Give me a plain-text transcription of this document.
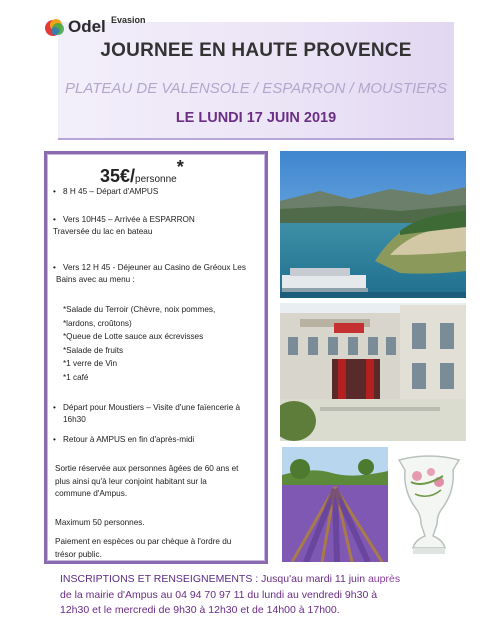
Odel Evasion
JOURNEE EN HAUTE PROVENCE
PLATEAU DE VALENSOLE / ESPARRON / MOUSTIERS
LE LUNDI 17 JUIN 2019
35€/personne*
• 8 H 45 – Départ d'AMPUS
• Vers 10H45 – Arrivée à ESPARRON
Traversée du lac en bateau
• Vers 12 H 45 - Déjeuner au Casino de Gréoux Les
Bains avec au menu :
*Salade du Terroir (Chèvre, noix pommes,
*lardons, croûtons)
*Queue de Lotte sauce aux écrevisses
*Salade de fruits
*1 verre de Vin
*1 café
• Départ pour Moustiers – Visite d'une faïencerie à
16h30
• Retour à AMPUS en fin d'après-midi
Sortie réservée aux personnes âgées de 60 ans et
plus ainsi qu'à leur conjoint habitant sur la
commune d'Ampus.
Maximum 50 personnes.
Paiement en espèces ou par chèque à l'ordre du
trésor public.
INSCRIPTIONS ET RENSEIGNEMENTS : Jusqu'au mardi 11 juin auprès
de la mairie d'Ampus au 04 94 70 97 11 du lundi au vendredi 9h30 à
12h30 et le mercredi de 9h30 à 12h30 et de 14h00 à 17h00.
